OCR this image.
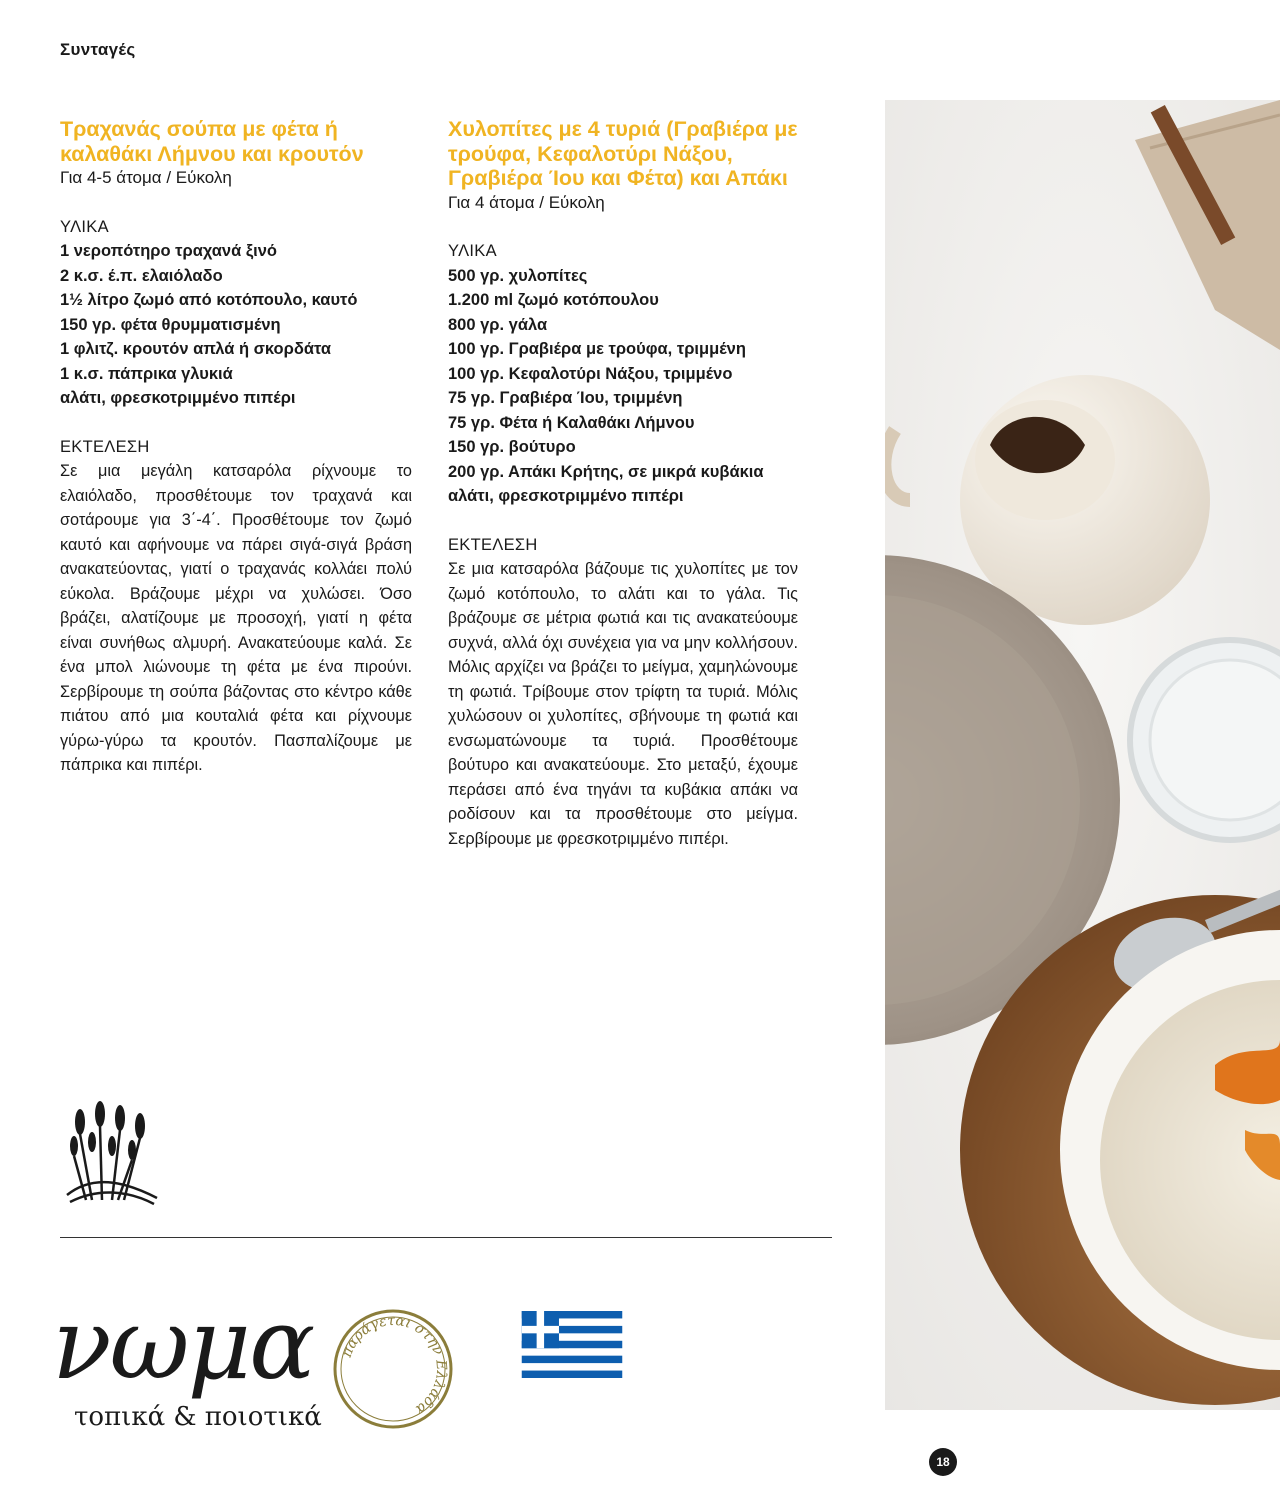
Συνταγές
Τραχανάς σούπα με φέτα ή καλαθάκι Λήμνου και κρουτόν

Για 4-5 άτομα / Εύκολη

ΥΛΙΚΑ
1 νεροπότηρο τραχανά ξινό
2 κ.σ. έ.π. ελαιόλαδο
1½ λίτρο ζωμό από κοτόπουλο, καυτό
150 γρ. φέτα θρυμματισμένη
1 φλιτζ. κρουτόν απλά ή σκορδάτα
1 κ.σ. πάπρικα γλυκιά
αλάτι, φρεσκοτριμμένο πιπέρι
ΕΚΤΕΛΕΣΗ

Σε μια μεγάλη κατσαρόλα ρίχνουμε το ελαιόλαδο, προσθέτουμε τον τραχανά και σοτάρουμε για 3΄-4΄. Προσθέτουμε τον ζωμό καυτό και αφήνουμε να πάρει σιγά-σιγά βράση ανακατεύοντας, γιατί ο τραχανάς κολλάει πολύ εύκολα. Βράζουμε μέχρι να χυλώσει. Όσο βράζει, αλατίζουμε με προσοχή, γιατί η φέτα είναι συνήθως αλμυρή. Ανακατεύουμε καλά. Σε ένα μπολ λιώνουμε τη φέτα με ένα πιρούνι. Σερβίρουμε τη σούπα βάζοντας στο κέντρο κάθε πιάτου από μια κουταλιά φέτα και ρίχνουμε γύρω-γύρω τα κρουτόν. Πασπαλίζουμε με πάπρικα και πιπέρι.

Χυλοπίτες με 4 τυριά (Γραβιέρα με τρούφα, Κεφαλοτύρι Νάξου, Γραβιέρα Ίου και Φέτα) και Απάκι

Για 4 άτομα / Εύκολη

ΥΛΙΚΑ
500 γρ. χυλοπίτες
1.200 ml ζωμό κοτόπουλου
800 γρ. γάλα
100 γρ. Γραβιέρα με τρούφα, τριμμένη
100 γρ. Κεφαλοτύρι Νάξου, τριμμένο
75 γρ. Γραβιέρα Ίου, τριμμένη
75 γρ. Φέτα ή Καλαθάκι Λήμνου
150 γρ. βούτυρο
200 γρ. Απάκι Κρήτης, σε μικρά κυβάκια
αλάτι, φρεσκοτριμμένο πιπέρι
ΕΚΤΕΛΕΣΗ

Σε μια κατσαρόλα βάζουμε τις χυλοπίτες με τον ζωμό κοτόπουλο, το αλάτι και το γάλα. Τις βράζουμε σε μέτρια φωτιά και τις ανακατεύουμε συχνά, αλλά όχι συνέχεια για να μην κολλήσουν. Μόλις αρχίζει να βράζει το μείγμα, χαμηλώνουμε τη φωτιά. Τρίβουμε στον τρίφτη τα τυριά. Μόλις χυλώσουν οι χυλοπίτες, σβήνουμε τη φωτιά και ενσωματώνουμε τα τυριά. Προσθέτουμε βούτυρο και ανακατεύουμε. Στο μεταξύ, έχουμε περάσει από ένα τηγάνι τα κυβάκια απάκι να ροδίσουν και τα προσθέτουμε στο μείγμα. Σερβίρουμε με φρεσκοτριμμένο πιπέρι.

νωμα
τοπικά & ποιοτικά
παράγεται στην Ελλάδα
18
